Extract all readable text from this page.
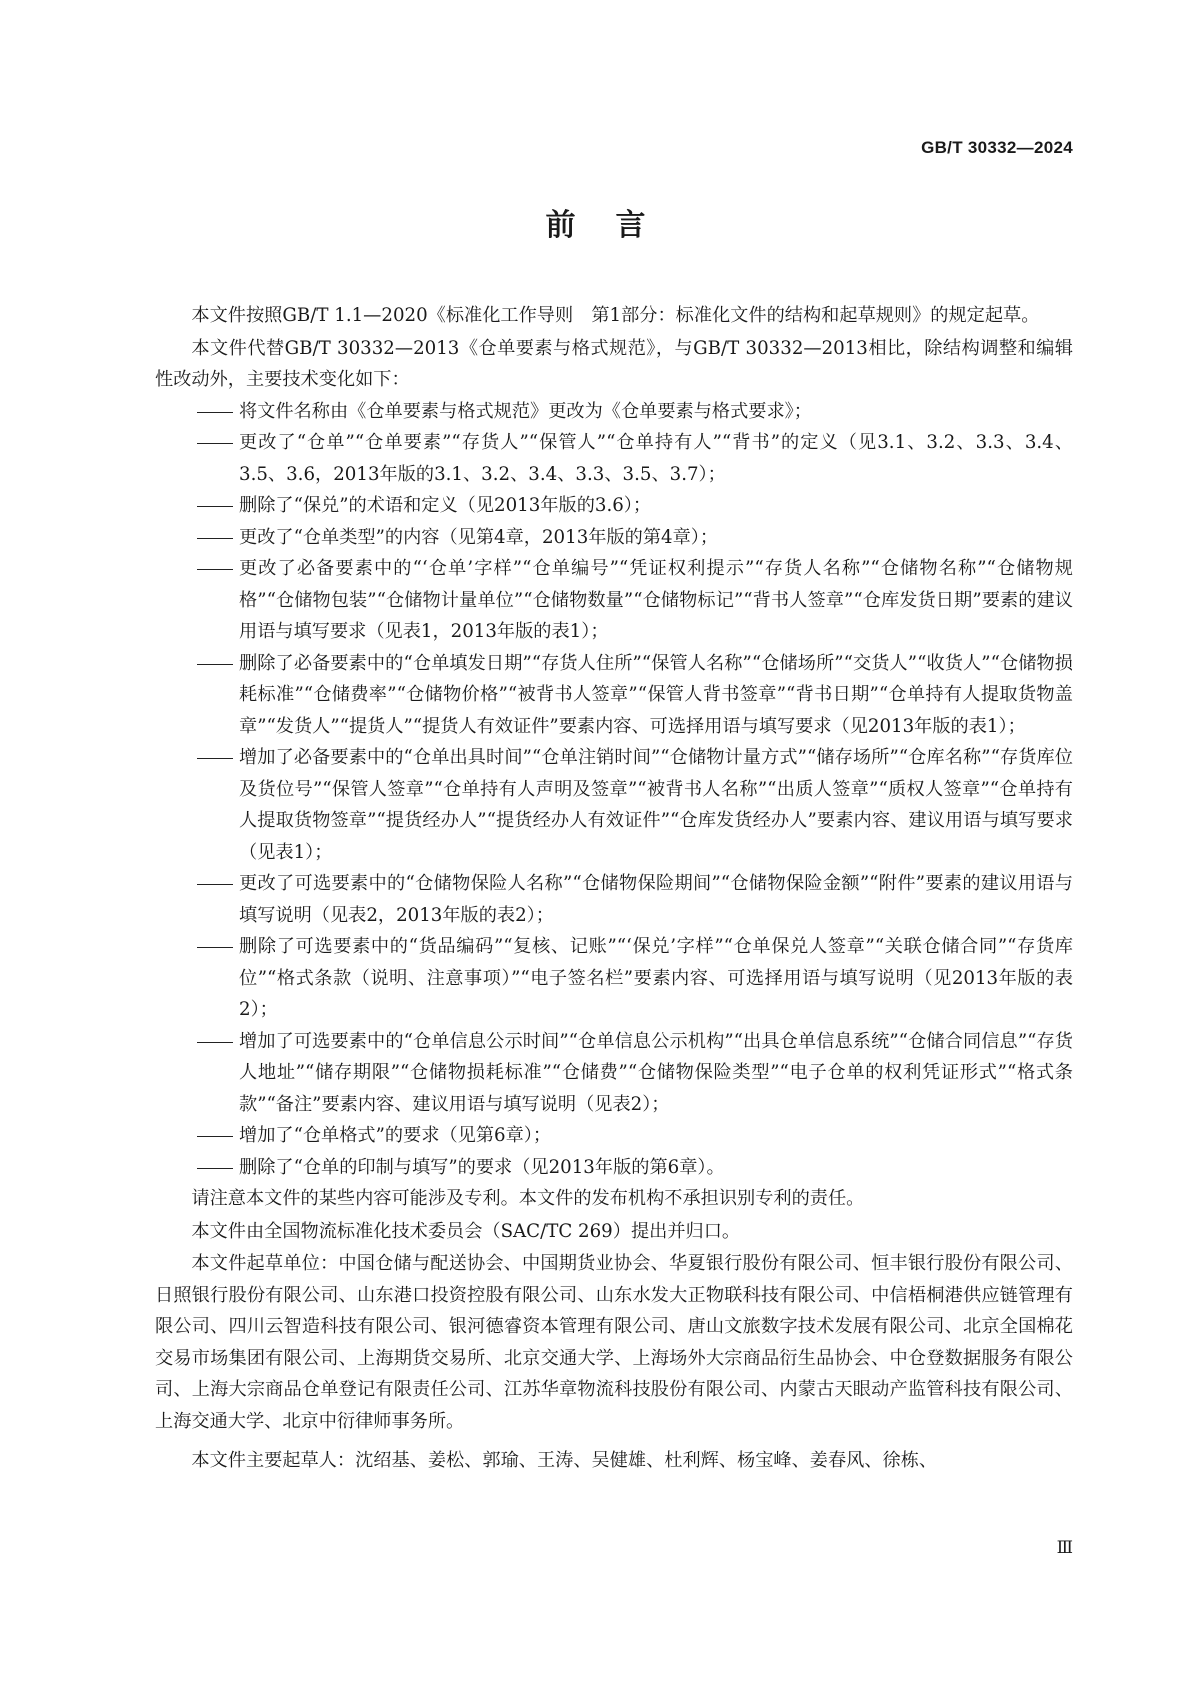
GB/T 30332—2024
前言

本文件按照GB/T 1.1—2020《标准化工作导则　第1部分：标准化文件的结构和起草规则》的规定起草。

本文件代替GB/T 30332—2013《仓单要素与格式规范》，与GB/T 30332—2013相比，除结构调整和编辑性改动外，主要技术变化如下：

将文件名称由《仓单要素与格式规范》更改为《仓单要素与格式要求》；
更改了“仓单”“仓单要素”“存货人”“保管人”“仓单持有人”“背书”的定义（见3.1、3.2、3.3、3.4、3.5、3.6，2013年版的3.1、3.2、3.4、3.3、3.5、3.7）；
删除了“保兑”的术语和定义（见2013年版的3.6）；
更改了“仓单类型”的内容（见第4章，2013年版的第4章）；
更改了必备要素中的“‘仓单’字样”“仓单编号”“凭证权利提示”“存货人名称”“仓储物名称”“仓储物规格”“仓储物包装”“仓储物计量单位”“仓储物数量”“仓储物标记”“背书人签章”“仓库发货日期”要素的建议用语与填写要求（见表1，2013年版的表1）；
删除了必备要素中的“仓单填发日期”“存货人住所”“保管人名称”“仓储场所”“交货人”“收货人”“仓储物损耗标准”“仓储费率”“仓储物价格”“被背书人签章”“保管人背书签章”“背书日期”“仓单持有人提取货物盖章”“发货人”“提货人”“提货人有效证件”要素内容、可选择用语与填写要求（见2013年版的表1）；
增加了必备要素中的“仓单出具时间”“仓单注销时间”“仓储物计量方式”“储存场所”“仓库名称”“存货库位及货位号”“保管人签章”“仓单持有人声明及签章”“被背书人名称”“出质人签章”“质权人签章”“仓单持有人提取货物签章”“提货经办人”“提货经办人有效证件”“仓库发货经办人”要素内容、建议用语与填写要求（见表1）；
更改了可选要素中的“仓储物保险人名称”“仓储物保险期间”“仓储物保险金额”“附件”要素的建议用语与填写说明（见表2，2013年版的表2）；
删除了可选要素中的“货品编码”“复核、记账”“‘保兑’字样”“仓单保兑人签章”“关联仓储合同”“存货库位”“格式条款（说明、注意事项）”“电子签名栏”要素内容、可选择用语与填写说明（见2013年版的表2）；
增加了可选要素中的“仓单信息公示时间”“仓单信息公示机构”“出具仓单信息系统”“仓储合同信息”“存货人地址”“储存期限”“仓储物损耗标准”“仓储费”“仓储物保险类型”“电子仓单的权利凭证形式”“格式条款”“备注”要素内容、建议用语与填写说明（见表2）；
增加了“仓单格式”的要求（见第6章）；
删除了“仓单的印制与填写”的要求（见2013年版的第6章）。

请注意本文件的某些内容可能涉及专利。本文件的发布机构不承担识别专利的责任。

本文件由全国物流标准化技术委员会（SAC/TC 269）提出并归口。

本文件起草单位：中国仓储与配送协会、中国期货业协会、华夏银行股份有限公司、恒丰银行股份有限公司、日照银行股份有限公司、山东港口投资控股有限公司、山东水发大正物联科技有限公司、中信梧桐港供应链管理有限公司、四川云智造科技有限公司、银河德睿资本管理有限公司、唐山文旅数字技术发展有限公司、北京全国棉花交易市场集团有限公司、上海期货交易所、北京交通大学、上海场外大宗商品衍生品协会、中仓登数据服务有限公司、上海大宗商品仓单登记有限责任公司、江苏华章物流科技股份有限公司、内蒙古天眼动产监管科技有限公司、上海交通大学、北京中衍律师事务所。

本文件主要起草人：沈绍基、姜松、郭瑜、王涛、吴健雄、杜利辉、杨宝峰、姜春风、徐栋、

Ⅲ
